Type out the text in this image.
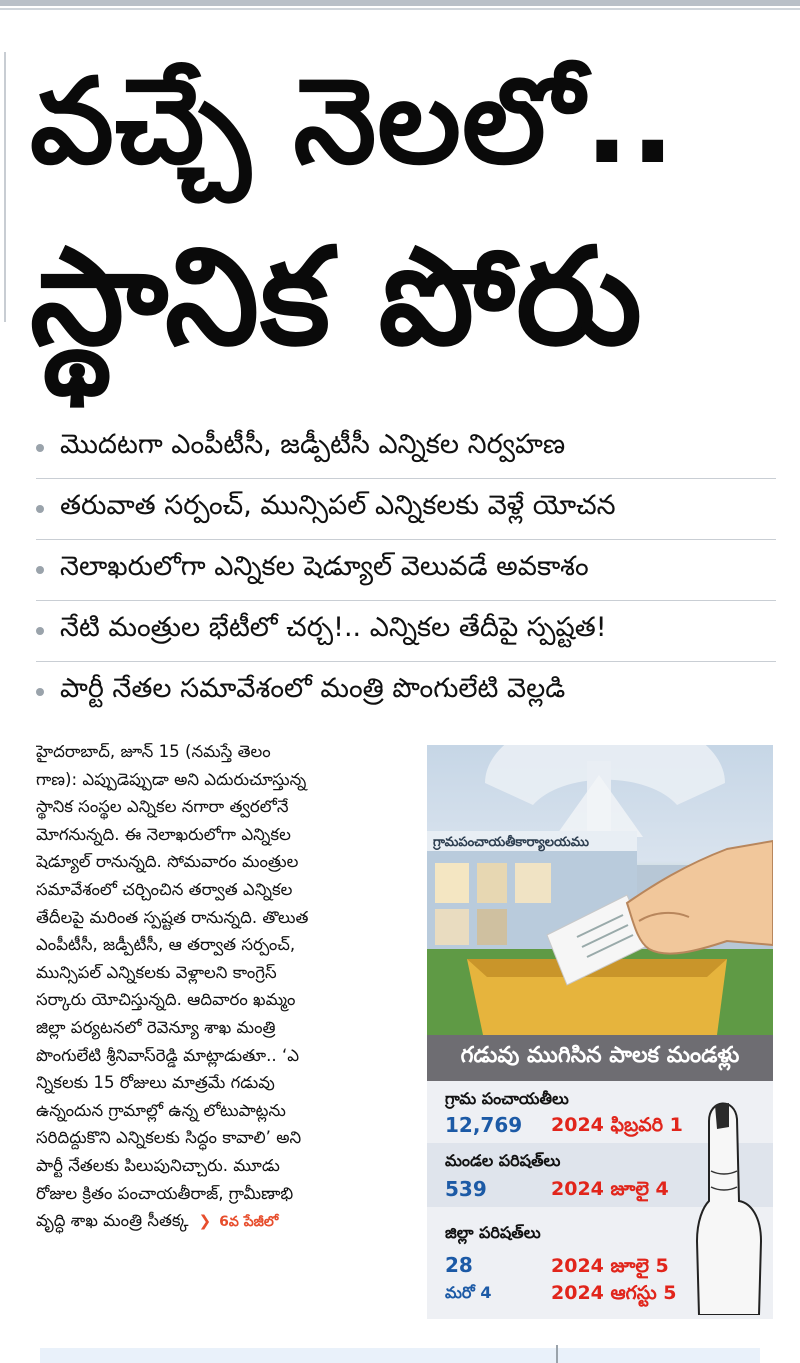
వచ్చే నెలలో..
స్థానిక పోరు
మొదటగా ఎంపీటీసీ, జడ్పీటీసీ ఎన్నికల నిర్వహణ
తరువాత సర్పంచ్‌, మున్సిపల్‌ ఎన్నికలకు వెళ్లే యోచన
నెలాఖరులోగా ఎన్నికల షెడ్యూల్‌ వెలువడే అవకాశం
నేటి మంత్రుల భేటీలో చర్చ!.. ఎన్నికల తేదీపై స్పష్టత!
పార్టీ నేతల సమావేశంలో మంత్రి పొంగులేటి వెల్లడి
హైదరాబాద్‌, జూన్‌ 15 (నమస్తే తెలం
గాణ): ఎప్పుడెప్పుడా అని ఎదురుచూస్తున్న
స్థానిక సంస్థల ఎన్నికల నగారా త్వరలోనే
మోగనున్నది. ఈ నెలాఖరులోగా ఎన్నికల
షెడ్యూల్‌ రానున్నది. సోమవారం మంత్రుల
సమావేశంలో చర్చించిన తర్వాత ఎన్నికల
తేదీలపై మరింత స్పష్టత రానున్నది. తొలుత
ఎంపీటీసీ, జడ్పీటీసీ, ఆ తర్వాత సర్పంచ్‌,
మున్సిపల్‌ ఎన్నికలకు వెళ్లాలని కాంగ్రెస్‌
సర్కారు యోచిస్తున్నది. ఆదివారం ఖమ్మం
జిల్లా పర్యటనలో రెవెన్యూ శాఖ మంత్రి
పొంగులేటి శ్రీనివాస్‌రెడ్డి మాట్లాడుతూ.. ‘ఎ
న్నికలకు 15 రోజులు మాత్రమే గడువు
ఉన్నందున గ్రామాల్లో ఉన్న లోటుపాట్లను
సరిదిద్దుకొని ఎన్నికలకు సిద్ధం కావాలి’ అని
పార్టీ నేతలకు పిలుపునిచ్చారు. మూడు
రోజుల క్రితం పంచాయతీరాజ్‌, గ్రామీణాభి
వృద్ధి శాఖ మంత్రి సీతక్క ❯ 6వ పేజీలో
గ్రామపంచాయతీకార్యాలయము
గడువు ముగిసిన పాలక మండళ్లు
గ్రామ పంచాయతీలు
12,769 2024 ఫిబ్రవరి 1
మండల పరిషత్‌లు
539	2024 జూలై 4
జిల్లా పరిషత్‌లు
28	2024 జూలై 5
మరో 4	2024 ఆగస్టు 5
